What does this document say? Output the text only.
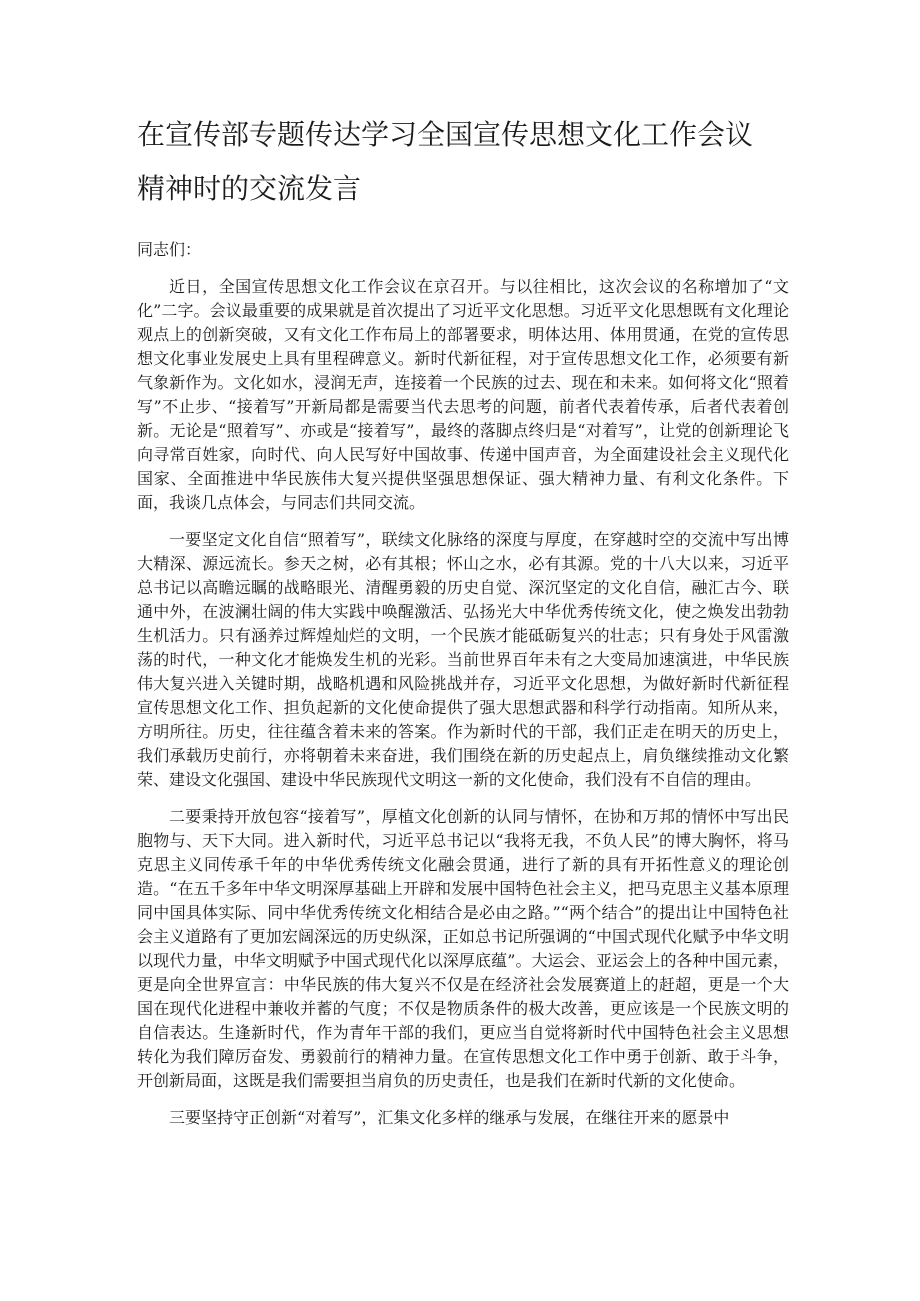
在宣传部专题传达学习全国宣传思想文化工作会议
精神时的交流发言

同志们：

近日，全国宣传思想文化工作会议在京召开。与以往相比，这次会议的名称增加了“文化”二字。会议最重要的成果就是首次提出了习近平文化思想。习近平文化思想既有文化理论观点上的创新突破，又有文化工作布局上的部署要求，明体达用、体用贯通，在党的宣传思想文化事业发展史上具有里程碑意义。新时代新征程，对于宣传思想文化工作，必须要有新气象新作为。文化如水，浸润无声，连接着一个民族的过去、现在和未来。如何将文化“照着写”不止步、“接着写”开新局都是需要当代去思考的问题，前者代表着传承，后者代表着创新。无论是“照着写”、亦或是“接着写”，最终的落脚点终归是“对着写”，让党的创新理论飞向寻常百姓家，向时代、向人民写好中国故事、传递中国声音，为全面建设社会主义现代化国家、全面推进中华民族伟大复兴提供坚强思想保证、强大精神力量、有利文化条件。下面，我谈几点体会，与同志们共同交流。

一要坚定文化自信“照着写”，联续文化脉络的深度与厚度，在穿越时空的交流中写出博大精深、源远流长。参天之树，必有其根；怀山之水，必有其源。党的十八大以来，习近平总书记以高瞻远瞩的战略眼光、清醒勇毅的历史自觉、深沉坚定的文化自信，融汇古今、联通中外，在波澜壮阔的伟大实践中唤醒激活、弘扬光大中华优秀传统文化，使之焕发出勃勃生机活力。只有涵养过辉煌灿烂的文明，一个民族才能砥砺复兴的壮志；只有身处于风雷激荡的时代，一种文化才能焕发生机的光彩。当前世界百年未有之大变局加速演进，中华民族伟大复兴进入关键时期，战略机遇和风险挑战并存，习近平文化思想，为做好新时代新征程宣传思想文化工作、担负起新的文化使命提供了强大思想武器和科学行动指南。知所从来，方明所往。历史，往往蕴含着未来的答案。作为新时代的干部，我们正走在明天的历史上，我们承载历史前行，亦将朝着未来奋进，我们围绕在新的历史起点上，肩负继续推动文化繁荣、建设文化强国、建设中华民族现代文明这一新的文化使命，我们没有不自信的理由。

二要秉持开放包容“接着写”，厚植文化创新的认同与情怀，在协和万邦的情怀中写出民胞物与、天下大同。进入新时代，习近平总书记以“我将无我，不负人民”的博大胸怀，将马克思主义同传承千年的中华优秀传统文化融会贯通，进行了新的具有开拓性意义的理论创造。“在五千多年中华文明深厚基础上开辟和发展中国特色社会主义，把马克思主义基本原理同中国具体实际、同中华优秀传统文化相结合是必由之路。”“两个结合”的提出让中国特色社会主义道路有了更加宏阔深远的历史纵深，正如总书记所强调的“中国式现代化赋予中华文明以现代力量，中华文明赋予中国式现代化以深厚底蕴”。大运会、亚运会上的各种中国元素，更是向全世界宣言：中华民族的伟大复兴不仅是在经济社会发展赛道上的赶超，更是一个大国在现代化进程中兼收并蓄的气度；不仅是物质条件的极大改善，更应该是一个民族文明的自信表达。生逢新时代，作为青年干部的我们，更应当自觉将新时代中国特色社会主义思想转化为我们障厉奋发、勇毅前行的精神力量。在宣传思想文化工作中勇于创新、敢于斗争，开创新局面，这既是我们需要担当肩负的历史责任，也是我们在新时代新的文化使命。

三要坚持守正创新“对着写”，汇集文化多样的继承与发展，在继往开来的愿景中
